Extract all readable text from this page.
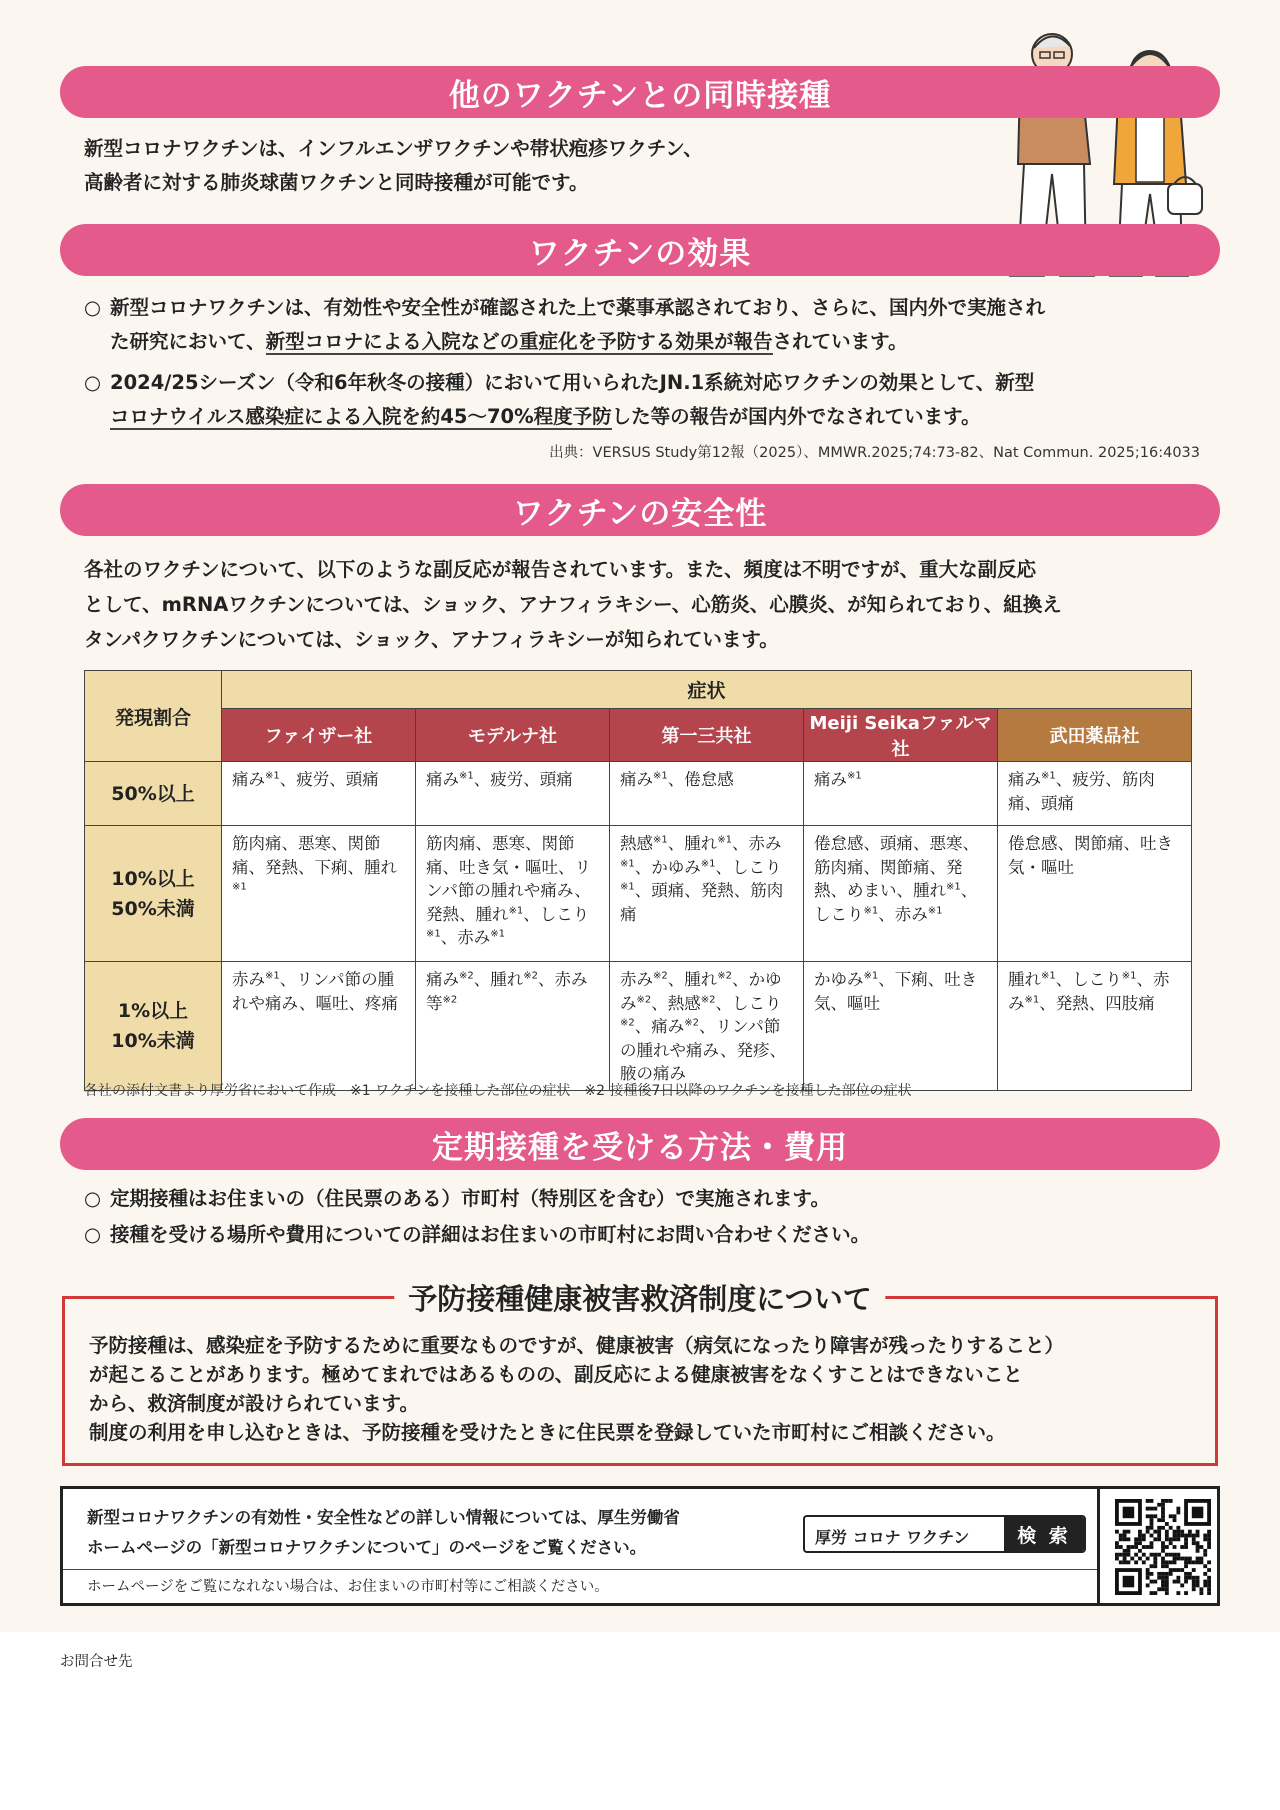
他のワクチンとの同時接種
新型コロナワクチンは、インフルエンザワクチンや帯状疱疹ワクチン、
高齢者に対する肺炎球菌ワクチンと同時接種が可能です。
ワクチンの効果
○ 新型コロナワクチンは、有効性や安全性が確認された上で薬事承認されており、さらに、国内外で実施され
た研究において、新型コロナによる入院などの重症化を予防する効果が報告されています。
○ 2024/25シーズン（令和6年秋冬の接種）において用いられたJN.1系統対応ワクチンの効果として、新型
コロナウイルス感染症による入院を約45〜70%程度予防した等の報告が国内外でなされています。
出典：VERSUS Study第12報（2025）、MMWR.2025;74:73-82、Nat Commun. 2025;16:4033
ワクチンの安全性
各社のワクチンについて、以下のような副反応が報告されています。また、頻度は不明ですが、重大な副反応
として、mRNAワクチンについては、ショック、アナフィラキシー、心筋炎、心膜炎、が知られており、組換え
タンパクワクチンについては、ショック、アナフィラキシーが知られています。
発現割合	症状				
	ファイザー社	モデルナ社	第一三共社	Meiji Seikaファルマ社	武田薬品社

50%以上	痛み$^{※1}$、疲労、頭痛	痛み$^{※1}$、疲労、頭痛	痛み$^{※1}$、倦怠感	痛み$^{※1}$	痛み$^{※1}$、疲労、筋肉痛、頭痛

10%以上
50%未満	筋肉痛、悪寒、関節痛、発熱、下痢、腫れ$^{※1}$	筋肉痛、悪寒、関節痛、吐き気・嘔吐、リンパ節の腫れや痛み、発熱、腫れ$^{※1}$、しこり$^{※1}$、赤み$^{※1}$	熱感$^{※1}$、腫れ$^{※1}$、赤み$^{※1}$、かゆみ$^{※1}$、しこり$^{※1}$、頭痛、発熱、筋肉痛	倦怠感、頭痛、悪寒、筋肉痛、関節痛、発熱、めまい、腫れ$^{※1}$、しこり$^{※1}$、赤み$^{※1}$	倦怠感、関節痛、吐き気・嘔吐

1%以上
10%未満	赤み$^{※1}$、リンパ節の腫れや痛み、嘔吐、疼痛	痛み$^{※2}$、腫れ$^{※2}$、赤み等$^{※2}$	赤み$^{※2}$、腫れ$^{※2}$、かゆみ$^{※2}$、熱感$^{※2}$、しこり$^{※2}$、痛み$^{※2}$、リンパ節の腫れや痛み、発疹、腋の痛み	かゆみ$^{※1}$、下痢、吐き気、嘔吐	腫れ$^{※1}$、しこり$^{※1}$、赤み$^{※1}$、発熱、四肢痛
各社の添付文書より厚労省において作成　※1 ワクチンを接種した部位の症状　※2 接種後7日以降のワクチンを接種した部位の症状
定期接種を受ける方法・費用
○ 定期接種はお住まいの（住民票のある）市町村（特別区を含む）で実施されます。
○ 接種を受ける場所や費用についての詳細はお住まいの市町村にお問い合わせください。
予防接種健康被害救済制度について
予防接種は、感染症を予防するために重要なものですが、健康被害（病気になったり障害が残ったりすること）
が起こることがあります。極めてまれではあるものの、副反応による健康被害をなくすことはできないこと
から、救済制度が設けられています。
制度の利用を申し込むときは、予防接種を受けたときに住民票を登録していた市町村にご相談ください。
新型コロナワクチンの有効性・安全性などの詳しい情報については、厚生労働省
ホームページの「新型コロナワクチンについて」のページをご覧ください。
厚労 コロナ ワクチン	検 索
ホームページをご覧になれない場合は、お住まいの市町村等にご相談ください。
お問合せ先
